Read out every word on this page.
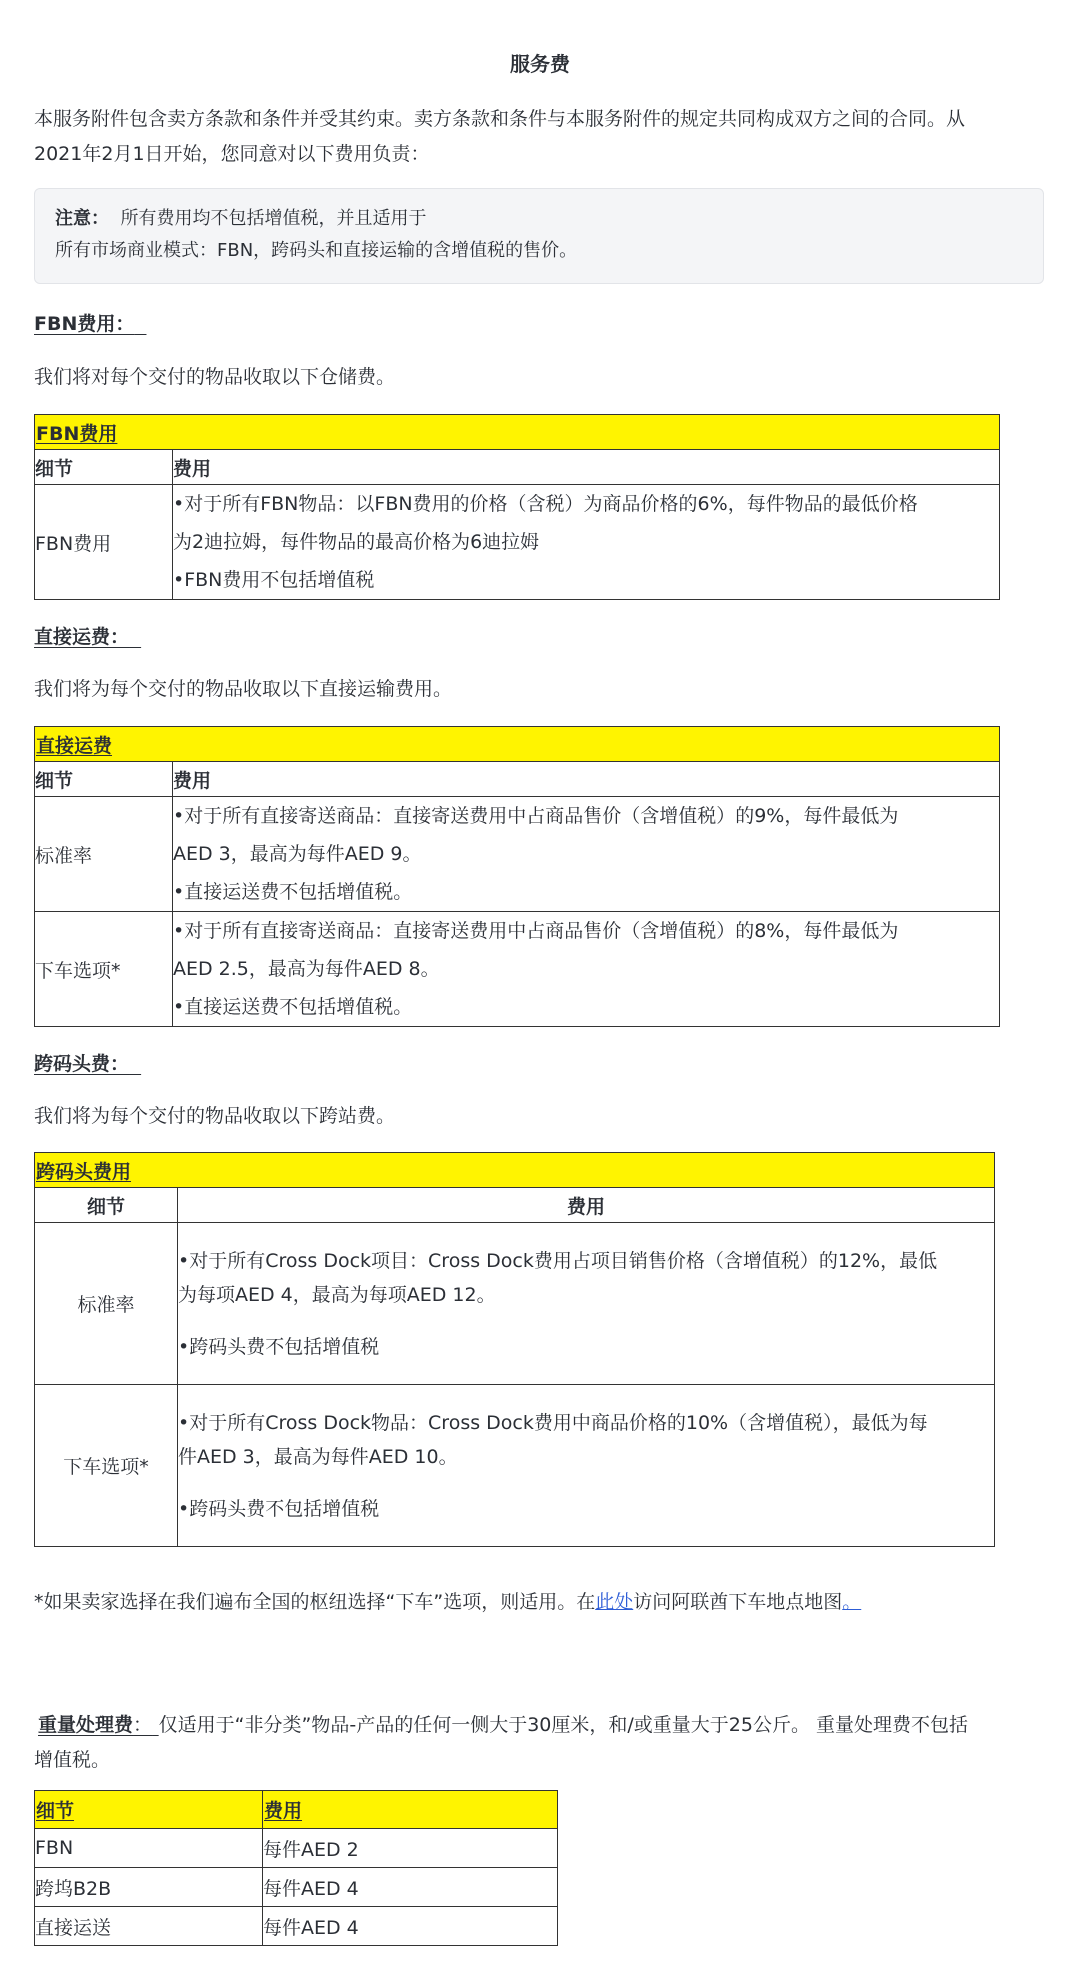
服务费
本服务附件包含卖方条款和条件并受其约束。卖方条款和条件与本服务附件的规定共同构成双方之间的合同。从
2021年2月1日开始，您同意对以下费用负责：
注意： 所有费用均不包括增值税，并且适用于
所有市场商业模式：FBN，跨码头和直接运输的含增值税的售价。
FBN费用：
我们将对每个交付的物品收取以下仓储费。
FBN费用	
细节	费用
FBN费用	•对于所有FBN物品：以FBN费用的价格（含税）为商品价格的6%，每件物品的最低价格
为2迪拉姆，每件物品的最高价格为6迪拉姆
•FBN费用不包括增值税
直接运费：
我们将为每个交付的物品收取以下直接运输费用。
直接运费	
细节	费用
标准率	•对于所有直接寄送商品：直接寄送费用中占商品售价（含增值税）的9%，每件最低为
AED 3，最高为每件AED 9。
•直接运送费不包括增值税。

下车选项*	•对于所有直接寄送商品：直接寄送费用中占商品售价（含增值税）的8%，每件最低为
AED 2.5，最高为每件AED 8。
•直接运送费不包括增值税。
跨码头费：
我们将为每个交付的物品收取以下跨站费。
跨码头费用	
细节	费用
标准率	•对于所有Cross Dock项目：Cross Dock费用占项目销售价格（含增值税）的12%，最低
为每项AED 4，最高为每项AED 12。
•跨码头费不包括增值税

下车选项*	•对于所有Cross Dock物品：Cross Dock费用中商品价格的10%（含增值税），最低为每
件AED 3，最高为每件AED 10。
•跨码头费不包括增值税
*如果卖家选择在我们遍布全国的枢纽选择“下车”选项，则适用。在此处访问阿联酋下车地点地图。
重量处理费： 仅适用于“非分类”物品-产品的任何一侧大于30厘米，和/或重量大于25公斤。 重量处理费不包括
增值税。
细节	费用
FBN	每件AED 2
跨坞B2B	每件AED 4
直接运送	每件AED 4
